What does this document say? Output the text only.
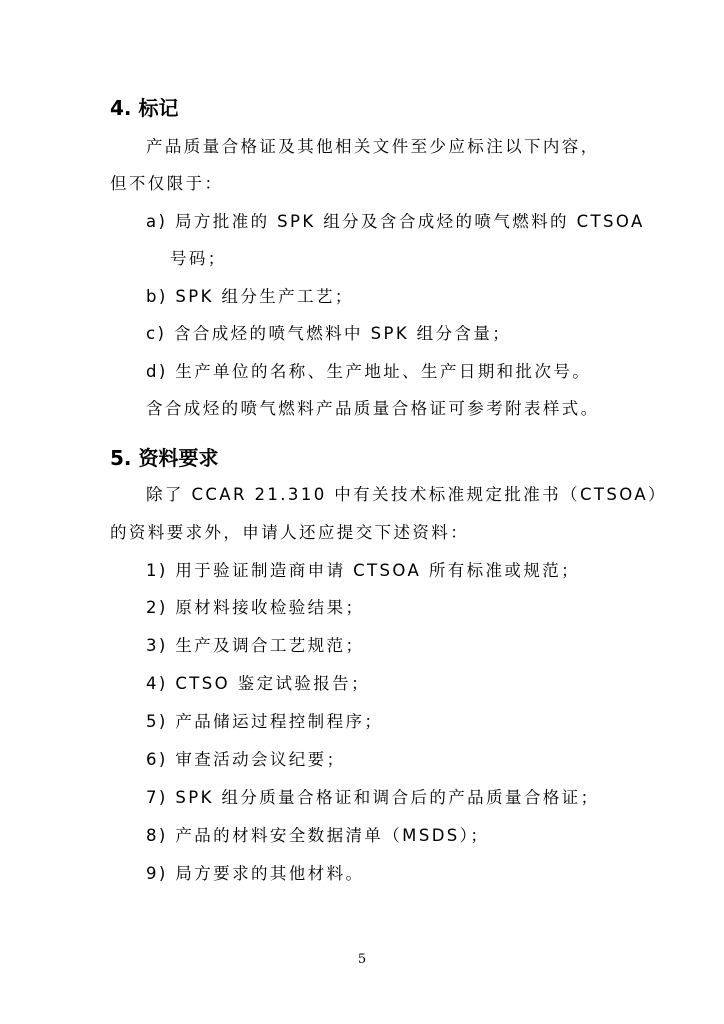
4. 标记
产品质量合格证及其他相关文件至少应标注以下内容，
但不仅限于：
a) 局方批准的 SPK 组分及含合成烃的喷气燃料的 CTSOA
号码；
b) SPK 组分生产工艺；
c) 含合成烃的喷气燃料中 SPK 组分含量；
d) 生产单位的名称、生产地址、生产日期和批次号。
含合成烃的喷气燃料产品质量合格证可参考附表样式。
5. 资料要求
除了 CCAR 21.310 中有关技术标准规定批准书（CTSOA）
的资料要求外，申请人还应提交下述资料：
1) 用于验证制造商申请 CTSOA 所有标准或规范；
2) 原材料接收检验结果；
3) 生产及调合工艺规范；
4) CTSO 鉴定试验报告；
5) 产品储运过程控制程序；
6) 审查活动会议纪要；
7) SPK 组分质量合格证和调合后的产品质量合格证；
8) 产品的材料安全数据清单（MSDS）；
9) 局方要求的其他材料。
5
